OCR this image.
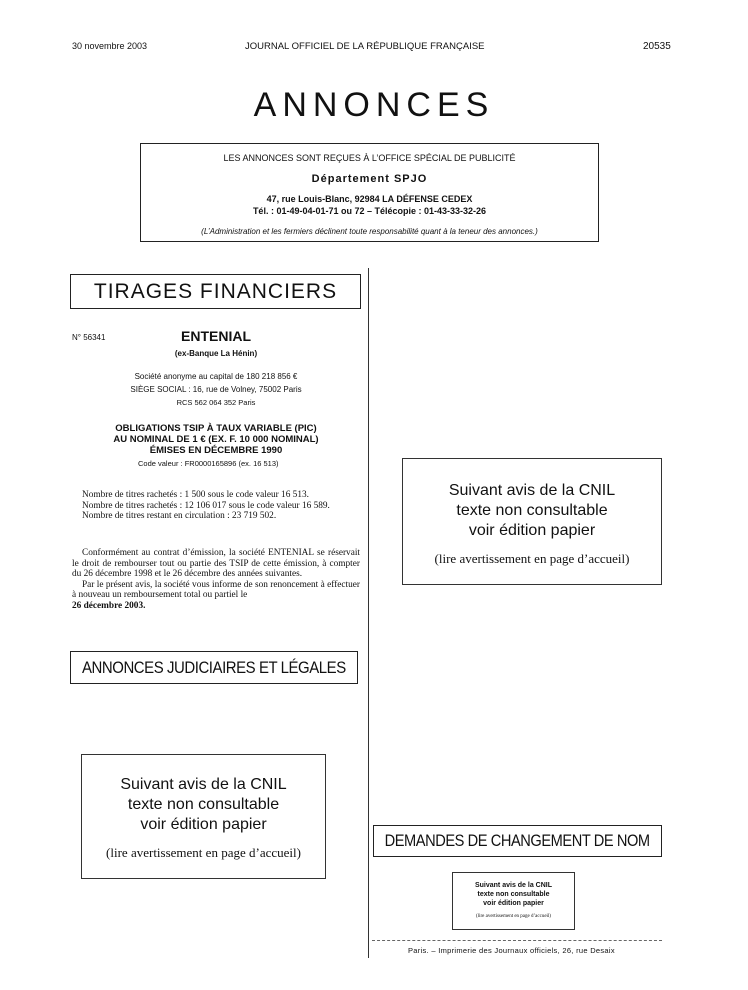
30 novembre 2003	JOURNAL OFFICIEL DE LA RÉPUBLIQUE FRANÇAISE	20535
ANNONCES
LES ANNONCES SONT REÇUES À L’OFFICE SPÉCIAL DE PUBLICITÉ
Département SPJO
47, rue Louis-Blanc, 92984 LA DÉFENSE CEDEX
Tél. : 01-49-04-01-71 ou 72 – Télécopie : 01-43-33-32-26
(L’Administration et les fermiers déclinent toute responsabilité quant à la teneur des annonces.)
TIRAGES FINANCIERS
N° 56341	ENTENIAL
(ex-Banque La Hénin)
Société anonyme au capital de 180 218 856 €
SIÈGE SOCIAL : 16, rue de Volney, 75002 Paris
RCS 562 064 352 Paris
OBLIGATIONS TSIP À TAUX VARIABLE (PIC)
AU NOMINAL DE 1 € (EX. F. 10 000 NOMINAL)
ÉMISES EN DÉCEMBRE 1990
Code valeur : FR0000165896 (ex. 16 513)
Nombre de titres rachetés : 1 500 sous le code valeur 16 513.
Nombre de titres rachetés : 12 106 017 sous le code valeur 16 589.
Nombre de titres restant en circulation : 23 719 502.
Conformément au contrat d’émission, la société ENTENIAL se réservait le droit de rembourser tout ou partie des TSIP de cette émission, à compter du 26 décembre 1998 et le 26 décembre des années suivantes.
Par le présent avis, la société vous informe de son renoncement à effectuer à nouveau un remboursement total ou partiel le
26 décembre 2003.
ANNONCES JUDICIAIRES ET LÉGALES
Suivant avis de la CNIL
texte non consultable
voir édition papier
(lire avertissement en page d’accueil)
Suivant avis de la CNIL
texte non consultable
voir édition papier
(lire avertissement en page d’accueil)
DEMANDES DE CHANGEMENT DE NOM
Suivant avis de la CNIL
texte non consultable
voir édition papier
(lire avertissement en page d’accueil)
Paris. – Imprimerie des Journaux officiels, 26, rue Desaix
